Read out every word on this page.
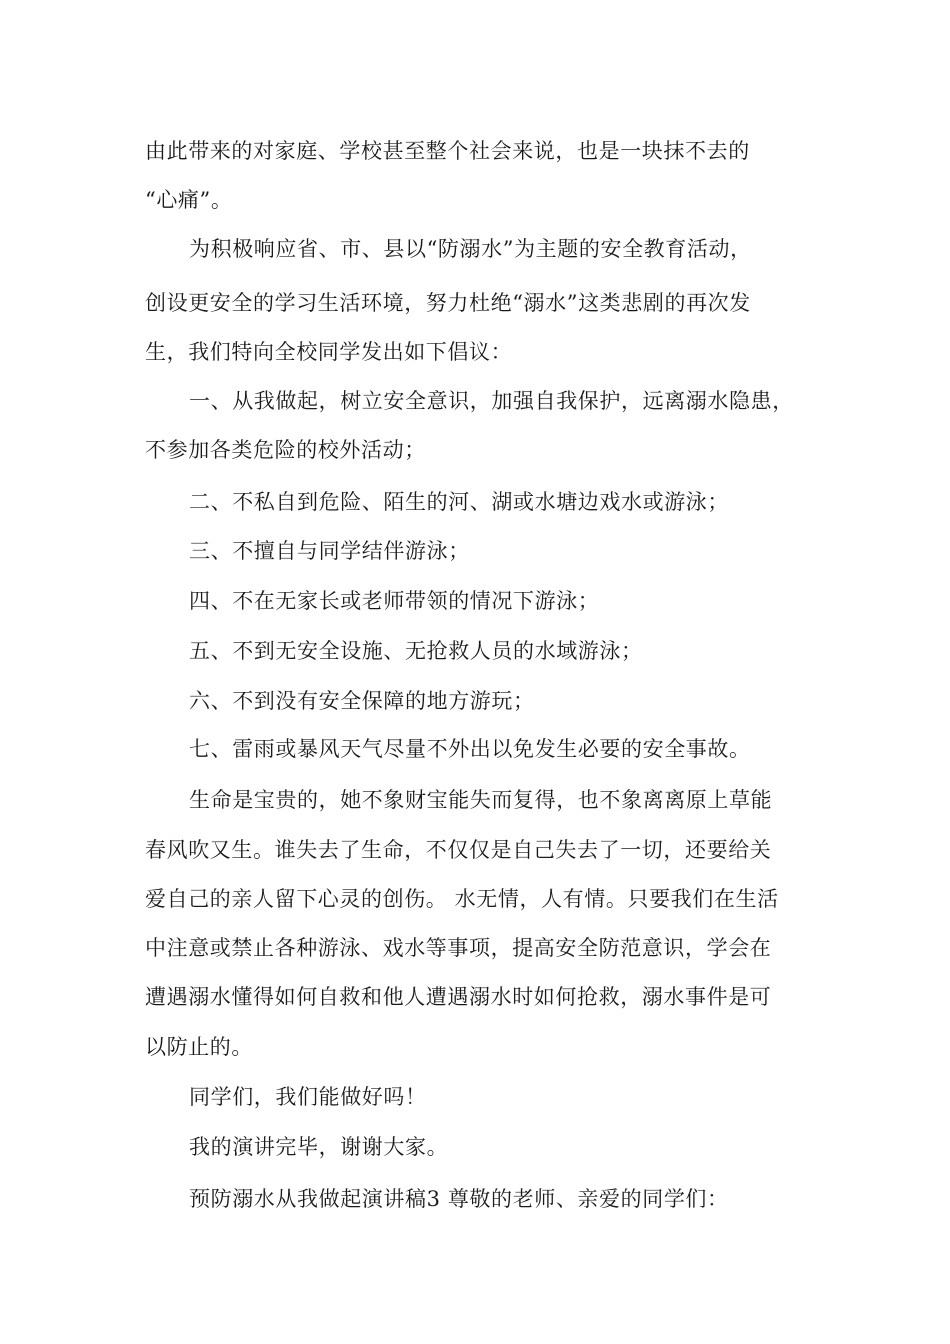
由此带来的对家庭、学校甚至整个社会来说，也是一块抹不去的
“心痛”。
为积极响应省、市、县以“防溺水”为主题的安全教育活动，
创设更安全的学习生活环境，努力杜绝“溺水”这类悲剧的再次发
生，我们特向全校同学发出如下倡议：
一、从我做起，树立安全意识，加强自我保护，远离溺水隐患，
不参加各类危险的校外活动；
二、不私自到危险、陌生的河、湖或水塘边戏水或游泳；
三、不擅自与同学结伴游泳；
四、不在无家长或老师带领的情况下游泳；
五、不到无安全设施、无抢救人员的水域游泳；
六、不到没有安全保障的地方游玩；
七、雷雨或暴风天气尽量不外出以免发生必要的安全事故。
生命是宝贵的，她不象财宝能失而复得，也不象离离原上草能
春风吹又生。谁失去了生命，不仅仅是自己失去了一切，还要给关
爱自己的亲人留下心灵的创伤。 水无情，人有情。只要我们在生活
中注意或禁止各种游泳、戏水等事项，提高安全防范意识，学会在
遭遇溺水懂得如何自救和他人遭遇溺水时如何抢救，溺水事件是可
以防止的。
同学们，我们能做好吗！
我的演讲完毕，谢谢大家。
预防溺水从我做起演讲稿3 尊敬的老师、亲爱的同学们：
